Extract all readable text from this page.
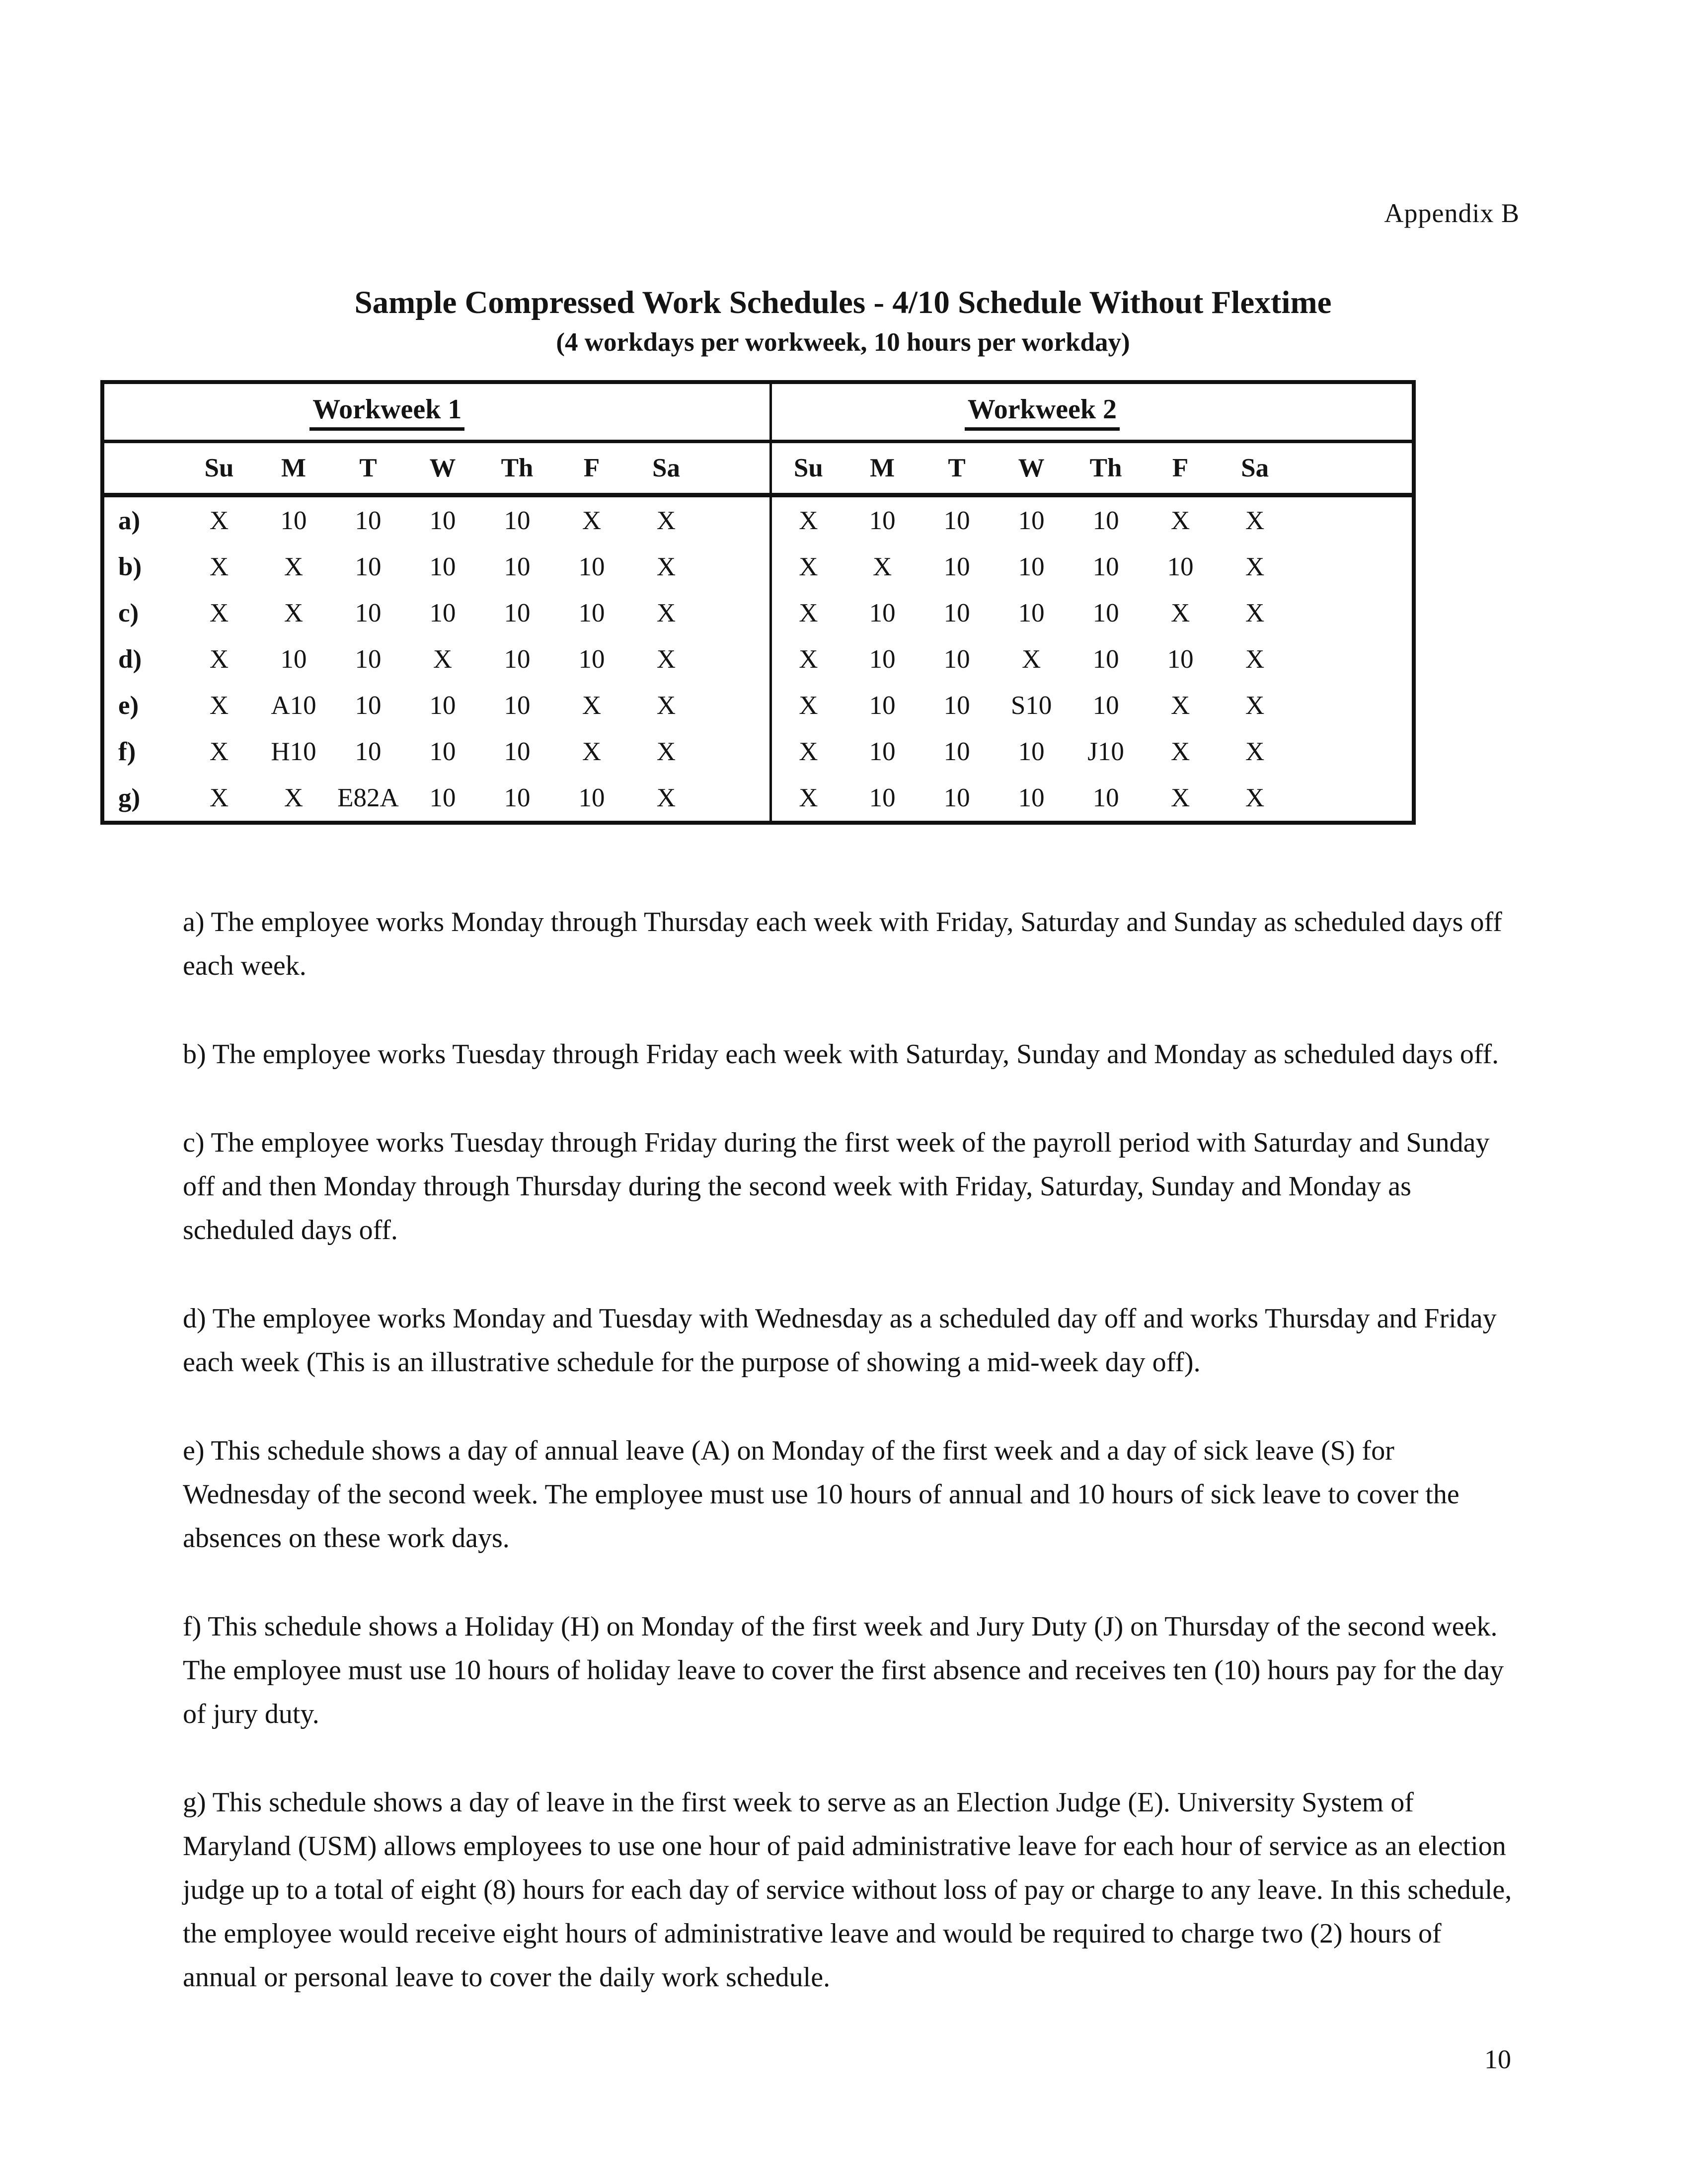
Appendix B
Sample Compressed Work Schedules - 4/10 Schedule Without Flextime
(4 workdays per workweek, 10 hours per workday)
Workweek 1									Workweek 2							
	Su	M	T	W	Th	F	Sa		Su	M	T	W	Th	F	Sa	
a)	X	10	10	10	10	X	X		X	10	10	10	10	X	X	
b)	X	X	10	10	10	10	X		X	X	10	10	10	10	X	
c)	X	X	10	10	10	10	X		X	10	10	10	10	X	X	
d)	X	10	10	X	10	10	X		X	10	10	X	10	10	X	
e)	X	A10	10	10	10	X	X		X	10	10	S10	10	X	X	
f)	X	H10	10	10	10	X	X		X	10	10	10	J10	X	X	
g)	X	X	E82A	10	10	10	X		X	10	10	10	10	X	X	

a) The employee works Monday through Thursday each week with Friday, Saturday and Sunday as scheduled days off each week.

b) The employee works Tuesday through Friday each week with Saturday, Sunday and Monday as scheduled days off.

c) The employee works Tuesday through Friday during the first week of the payroll period with Saturday and Sunday off and then Monday through Thursday during the second week with Friday, Saturday, Sunday and Monday as scheduled days off.

d) The employee works Monday and Tuesday with Wednesday as a scheduled day off and works Thursday and Friday each week (This is an illustrative schedule for the purpose of showing a mid-week day off).

e) This schedule shows a day of annual leave (A) on Monday of the first week and a day of sick leave (S) for Wednesday of the second week. The employee must use 10 hours of annual and 10 hours of sick leave to cover the absences on these work days.

f) This schedule shows a Holiday (H) on Monday of the first week and Jury Duty (J) on Thursday of the second week. The employee must use 10 hours of holiday leave to cover the first absence and receives ten (10) hours pay for the day of jury duty.

g) This schedule shows a day of leave in the first week to serve as an Election Judge (E). University System of Maryland (USM) allows employees to use one hour of paid administrative leave for each hour of service as an election judge up to a total of eight (8) hours for each day of service without loss of pay or charge to any leave. In this schedule, the employee would receive eight hours of administrative leave and would be required to charge two (2) hours of annual or personal leave to cover the daily work schedule.

10
